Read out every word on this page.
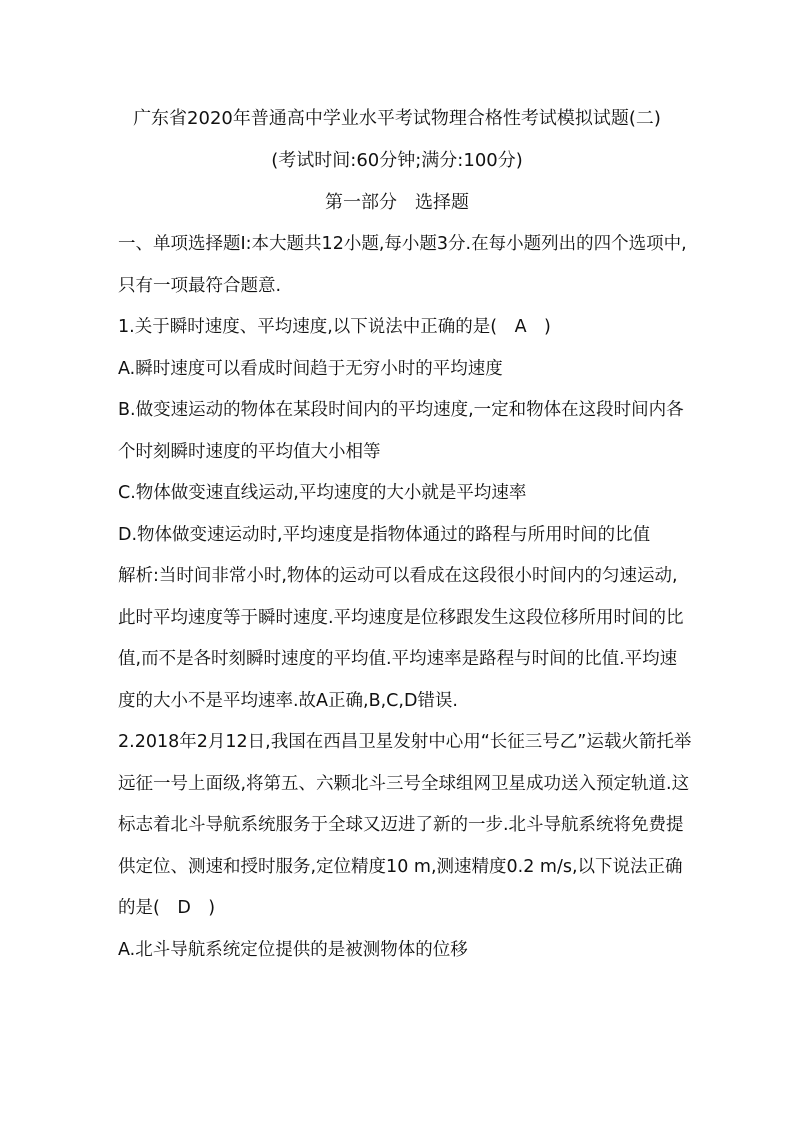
广东省2020年普通高中学业水平考试物理合格性考试模拟试题(二)
(考试时间:60分钟;满分:100分)
第一部分　选择题

一、单项选择题Ⅰ:本大题共12小题,每小题3分.在每小题列出的四个选项中,只有一项最符合题意.

1.关于瞬时速度、平均速度,以下说法中正确的是(　A　)

A.瞬时速度可以看成时间趋于无穷小时的平均速度

B.做变速运动的物体在某段时间内的平均速度,一定和物体在这段时间内各个时刻瞬时速度的平均值大小相等

C.物体做变速直线运动,平均速度的大小就是平均速率

D.物体做变速运动时,平均速度是指物体通过的路程与所用时间的比值

解析:当时间非常小时,物体的运动可以看成在这段很小时间内的匀速运动,此时平均速度等于瞬时速度.平均速度是位移跟发生这段位移所用时间的比值,而不是各时刻瞬时速度的平均值.平均速率是路程与时间的比值.平均速度的大小不是平均速率.故A正确,B,C,D错误.

2.2018年2月12日,我国在西昌卫星发射中心用“长征三号乙”运载火箭托举远征一号上面级,将第五、六颗北斗三号全球组网卫星成功送入预定轨道.这标志着北斗导航系统服务于全球又迈进了新的一步.北斗导航系统将免费提供定位、测速和授时服务,定位精度10 m,测速精度0.2 m/s,以下说法正确的是(　D　)

A.北斗导航系统定位提供的是被测物体的位移
